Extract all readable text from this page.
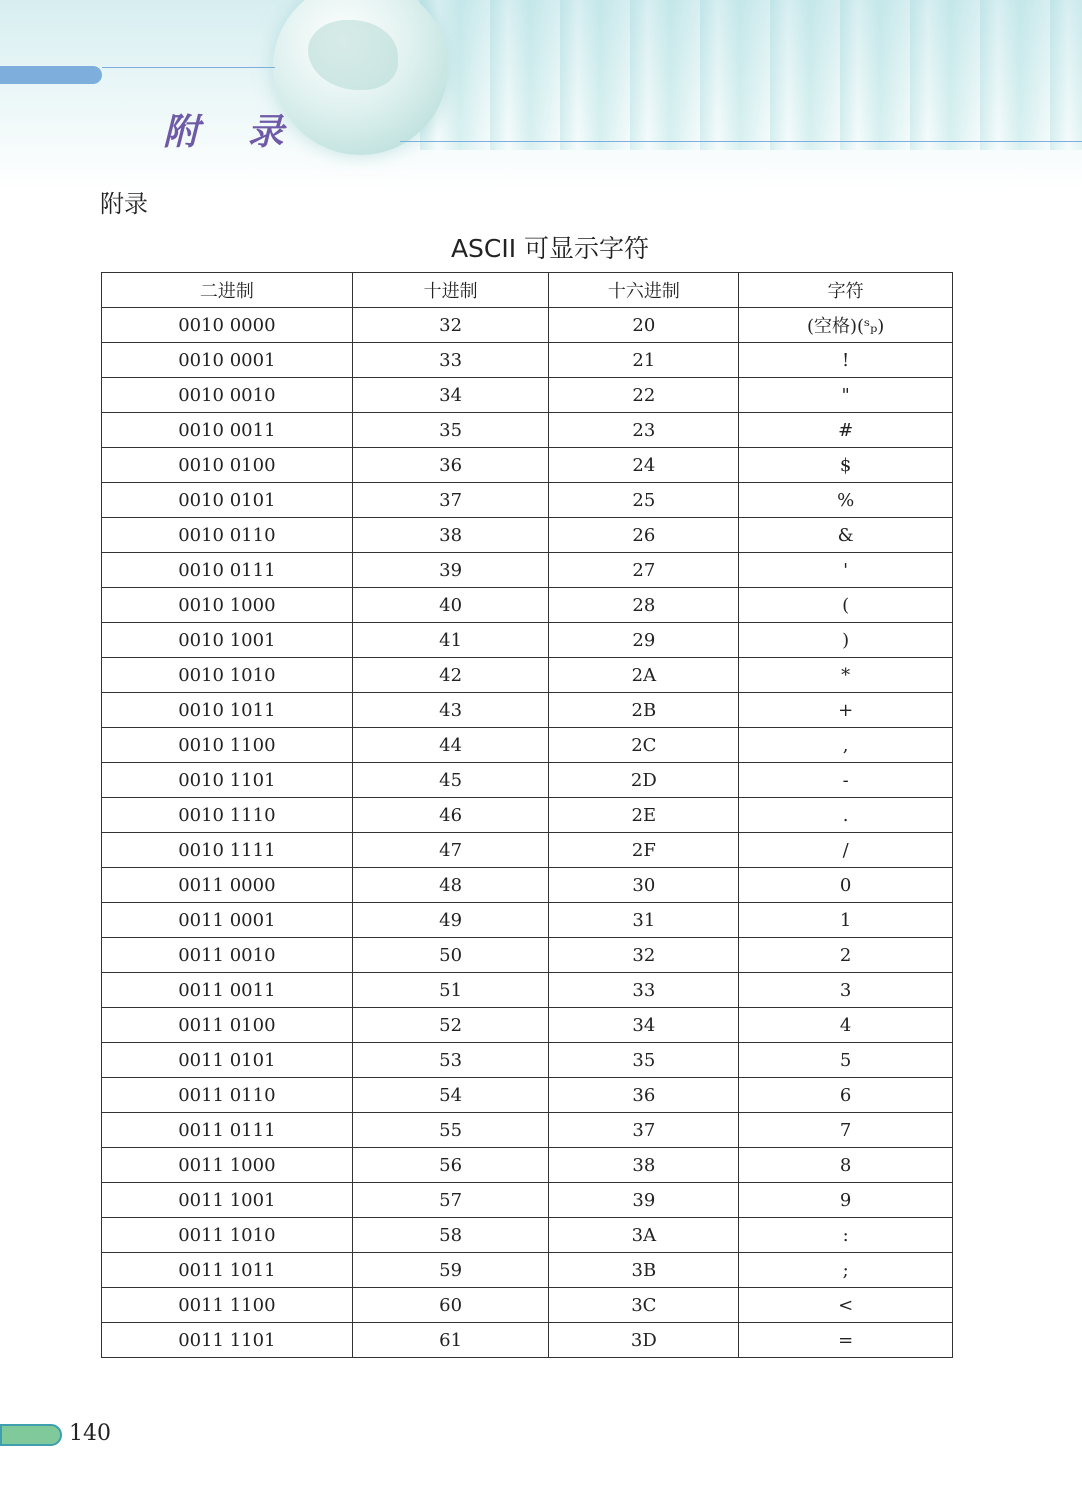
附 录
附录
ASCII 可显示字符
二进制	十进制	十六进制	字符
0010 0000	32	20	(空格)(ˢₚ)
0010 0001	33	21	!
0010 0010	34	22	"
0010 0011	35	23	#
0010 0100	36	24	$
0010 0101	37	25	%
0010 0110	38	26	&
0010 0111	39	27	'
0010 1000	40	28	(
0010 1001	41	29	)
0010 1010	42	2A	*
0010 1011	43	2B	+
0010 1100	44	2C	,
0010 1101	45	2D	-
0010 1110	46	2E	.
0010 1111	47	2F	/
0011 0000	48	30	0
0011 0001	49	31	1
0011 0010	50	32	2
0011 0011	51	33	3
0011 0100	52	34	4
0011 0101	53	35	5
0011 0110	54	36	6
0011 0111	55	37	7
0011 1000	56	38	8
0011 1001	57	39	9
0011 1010	58	3A	:
0011 1011	59	3B	;
0011 1100	60	3C	<
0011 1101	61	3D	=
140
